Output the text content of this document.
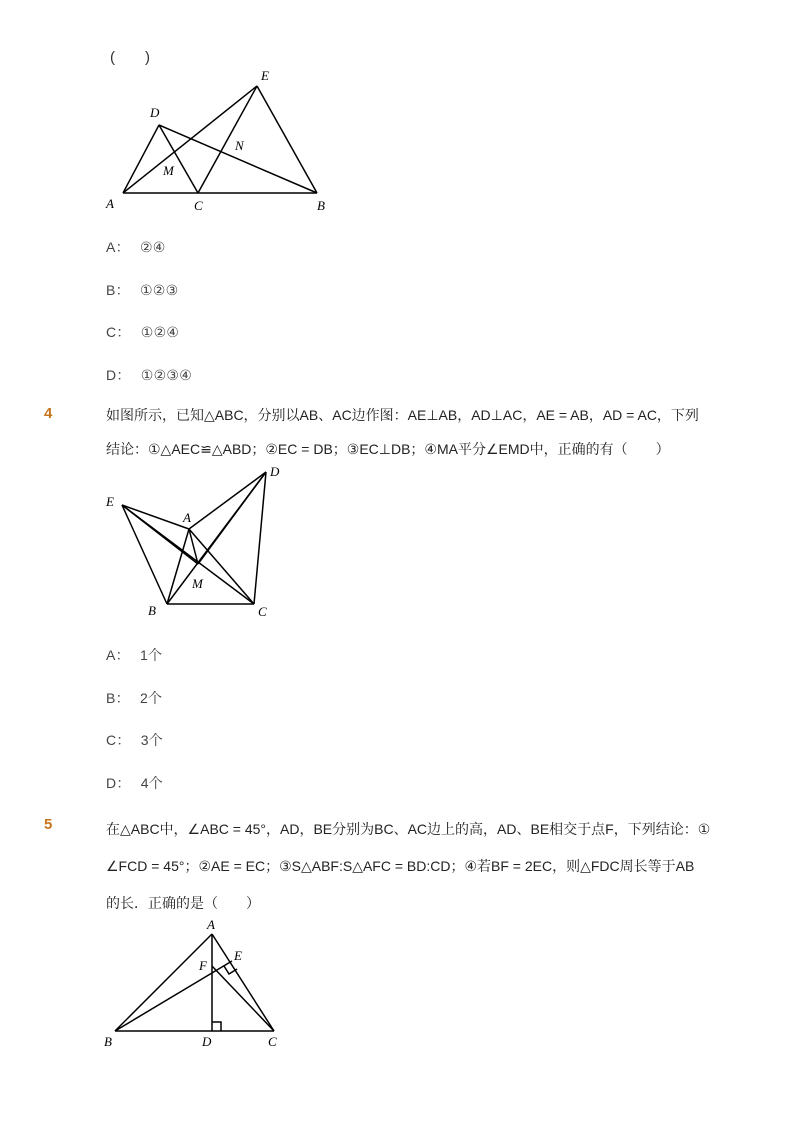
(　　)
A	C	B
D
E
M
N
A： ②④
B： ①②③
C： ①②④
D： ①②③④
4	如图所示，已知△ABC，分别以AB、AC边作图：AE⊥AB，AD⊥AC，AE = AB，AD = AC，下列
结论：①△AEC≌△ABD；②EC = DB；③EC⊥DB；④MA平分∠EMD中，正确的有（　　）
E
A
D
B	C
M
A： 1个
B： 2个
C： 3个
D： 4个
5	在△ABC中，∠ABC = 45°，AD，BE分别为BC、AC边上的高，AD、BE相交于点F，下列结论：①
∠FCD = 45°；②AE = EC；③S△ABF:S△AFC = BD:CD；④若BF = 2EC，则△FDC周长等于AB
的长．正确的是（　　）
A
E
F
B	D	C
